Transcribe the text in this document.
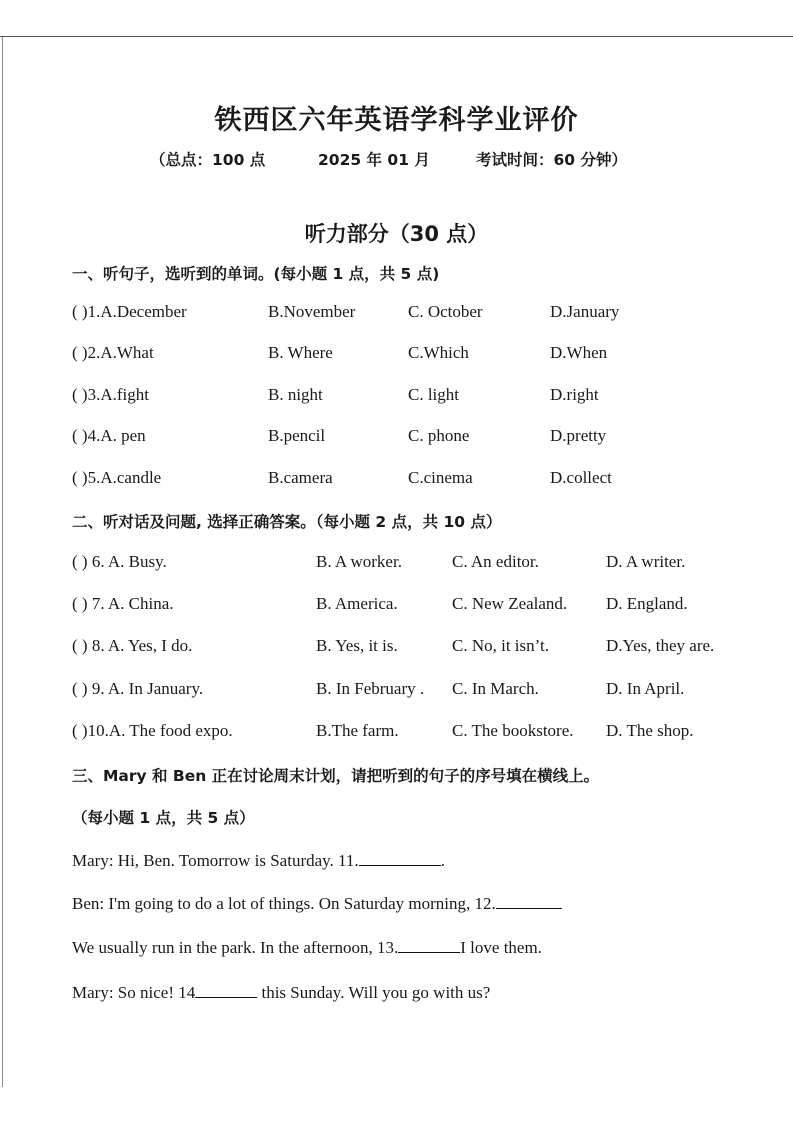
铁西区六年英语学科学业评价
（总点：100 点	2025 年 01 月	考试时间：60 分钟）
听力部分（30 点）
一、听句子，选听到的单词。(每小题 1 点，共 5 点)
( )1.A.December	B.November	C. October	D.January
( )2.A.What	B. Where	C.Which	D.When
( )3.A.fight	B. night	C. light	D.right
( )4.A. pen	B.pencil	C. phone	D.pretty
( )5.A.candle	B.camera	C.cinema	D.collect
二、听对话及问题, 选择正确答案。（每小题 2 点，共 10 点）
( ) 6. A. Busy.	B. A worker.	C. An editor.	D. A writer.
( ) 7. A. China.	B. America.	C. New Zealand. D. England.
( ) 8. A. Yes, I do.	B. Yes, it is.	C. No, it isn’t.	D.Yes, they are.
( ) 9. A. In January.	B. In February . C. In March.	D. In April.
( )10.A. The food expo.	B.The farm.	C. The bookstore. D. The shop.
三、Mary 和 Ben 正在讨论周末计划，请把听到的句子的序号填在横线上。
（每小题 1 点，共 5 点）
Mary: Hi, Ben. Tomorrow is Saturday. 11.	.
Ben: I'm going to do a lot of things. On Saturday morning, 12.
We usually run in the park. In the afternoon, 13.	I love them.
Mary: So nice! 14	this Sunday. Will you go with us?
